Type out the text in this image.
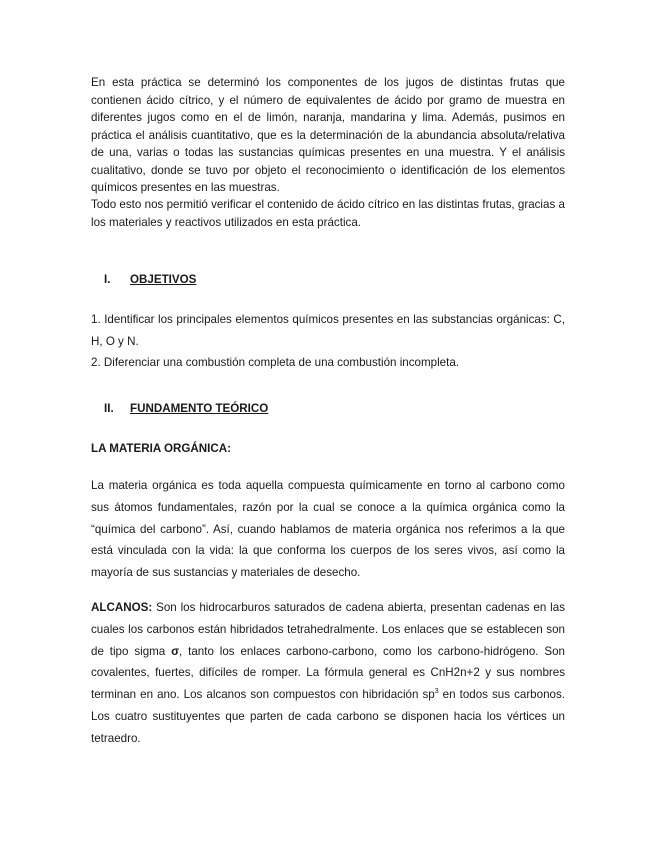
En esta práctica se determinó los componentes de los jugos de distintas frutas que contienen ácido cítrico, y el número de equivalentes de ácido por gramo de muestra en diferentes jugos como en el de limón, naranja, mandarina y lima. Además, pusimos en práctica el análisis cuantitativo, que es la determinación de la abundancia absoluta/relativa de una, varias o todas las sustancias químicas presentes en una muestra. Y el análisis cualitativo, donde se tuvo por objeto el reconocimiento o identificación de los elementos químicos presentes en las muestras.

Todo esto nos permitió verificar el contenido de ácido cítrico en las distintas frutas, gracias a los materiales y reactivos utilizados en esta práctica.

I. OBJETIVOS

1. Identificar los principales elementos químicos presentes en las substancias orgánicas: C, H, O y N.

2. Diferenciar una combustión completa de una combustión incompleta.

II. FUNDAMENTO TEÓRICO
LA MATERIA ORGÁNICA:

La materia orgánica es toda aquella compuesta químicamente en torno al carbono como sus átomos fundamentales, razón por la cual se conoce a la química orgánica como la “química del carbono”. Así, cuando hablamos de materia orgánica nos referimos a la que está vinculada con la vida: la que conforma los cuerpos de los seres vivos, así como la mayoría de sus sustancias y materiales de desecho.

ALCANOS: Son los hidrocarburos saturados de cadena abierta, presentan cadenas en las cuales los carbonos están hibridados tetrahedralmente. Los enlaces que se establecen son de tipo sigma σ, tanto los enlaces carbono-carbono, como los carbono-hidrógeno. Son covalentes, fuertes, difíciles de romper. La fórmula general es CnH2n+2 y sus nombres terminan en ano. Los alcanos son compuestos con hibridación $sp^3$ en todos sus carbonos. Los cuatro sustituyentes que parten de cada carbono se disponen hacia los vértices un tetraedro.
